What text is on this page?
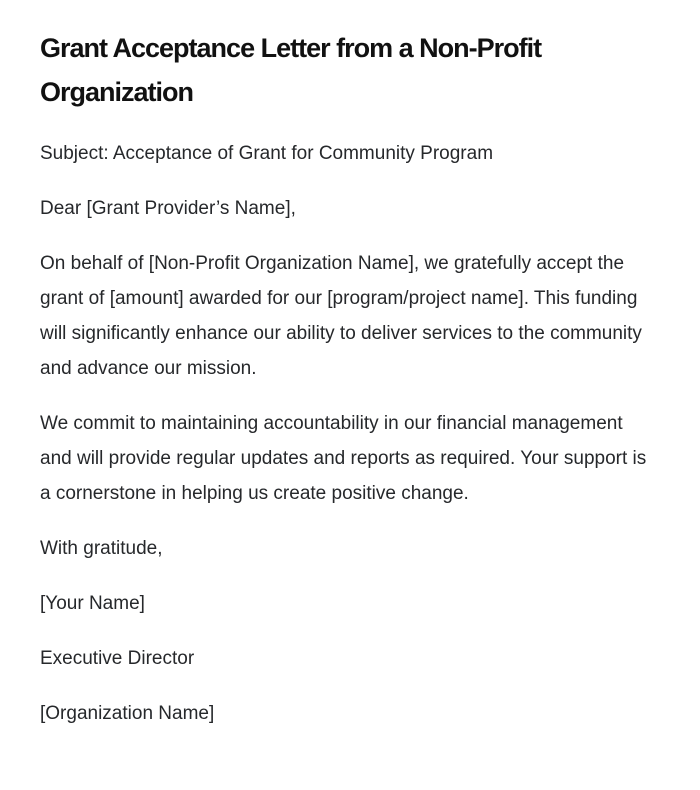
Grant Acceptance Letter from a Non-Profit Organization

Subject: Acceptance of Grant for Community Program

Dear [Grant Provider’s Name],

On behalf of [Non-Profit Organization Name], we gratefully accept the grant of [amount] awarded for our [program/project name]. This funding will significantly enhance our ability to deliver services to the community and advance our mission.

We commit to maintaining accountability in our financial management and will provide regular updates and reports as required. Your support is a cornerstone in helping us create positive change.

With gratitude,

[Your Name]

Executive Director

[Organization Name]
